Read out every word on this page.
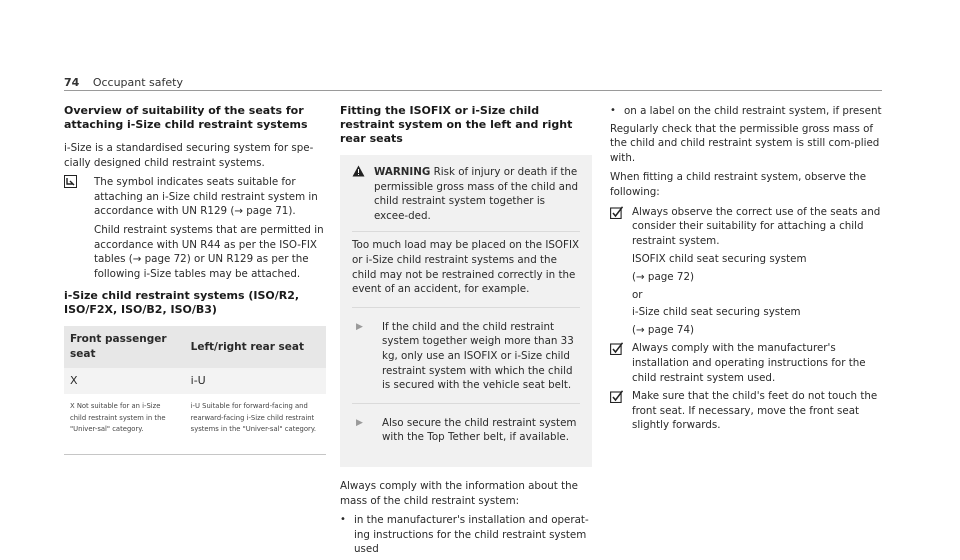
74 Occupant safety
Overview of suitability of the seats for attaching i-Size child restraint systems

i-Size is a standardised securing system for spe-cially designed child restraint systems.

The symbol indicates seats suitable for attaching an i-Size child restraint system in accordance with UN R129 (→ page 71).

Child restraint systems that are permitted in accordance with UN R44 as per the ISO-FIX tables (→ page 72) or UN R129 as per the following i-Size tables may be attached.

i-Size child restraint systems (ISO/R2, ISO/F2X, ISO/B2, ISO/B3)
Front passenger seat	Left/right rear seat
X	i-U
X Not suitable for an i-Size child restraint system in the "Univer-sal" category.	i-U Suitable for forward-facing and rearward-facing i-Size child restraint systems in the "Univer-sal" category.
Fitting the ISOFIX or i-Size child restraint system on the left and right rear seats
WARNING Risk of injury or death if the permissible gross mass of the child and child restraint system together is excee-ded.

Too much load may be placed on the ISOFIX or i-Size child restraint systems and the child may not be restrained correctly in the event of an accident, for example.

▶	If the child and the child restraint system together weigh more than 33 kg, only use an ISOFIX or i-Size child restraint system with which the child is secured with the vehicle seat belt.
▶	Also secure the child restraint system with the Top Tether belt, if available.

Always comply with the information about the mass of the child restraint system:

• in the manufacturer's installation and operat-ing instructions for the child restraint system used
• on a label on the child restraint system, if present

Regularly check that the permissible gross mass of the child and child restraint system is still com-plied with.

When fitting a child restraint system, observe the following:

Always observe the correct use of the seats and consider their suitability for attaching a child restraint system.

ISOFIX child seat securing system

(→ page 72)

or

i-Size child seat securing system

(→ page 74)

Always comply with the manufacturer's installation and operating instructions for the child restraint system used.
Make sure that the child's feet do not touch the front seat. If necessary, move the front seat slightly forwards.
